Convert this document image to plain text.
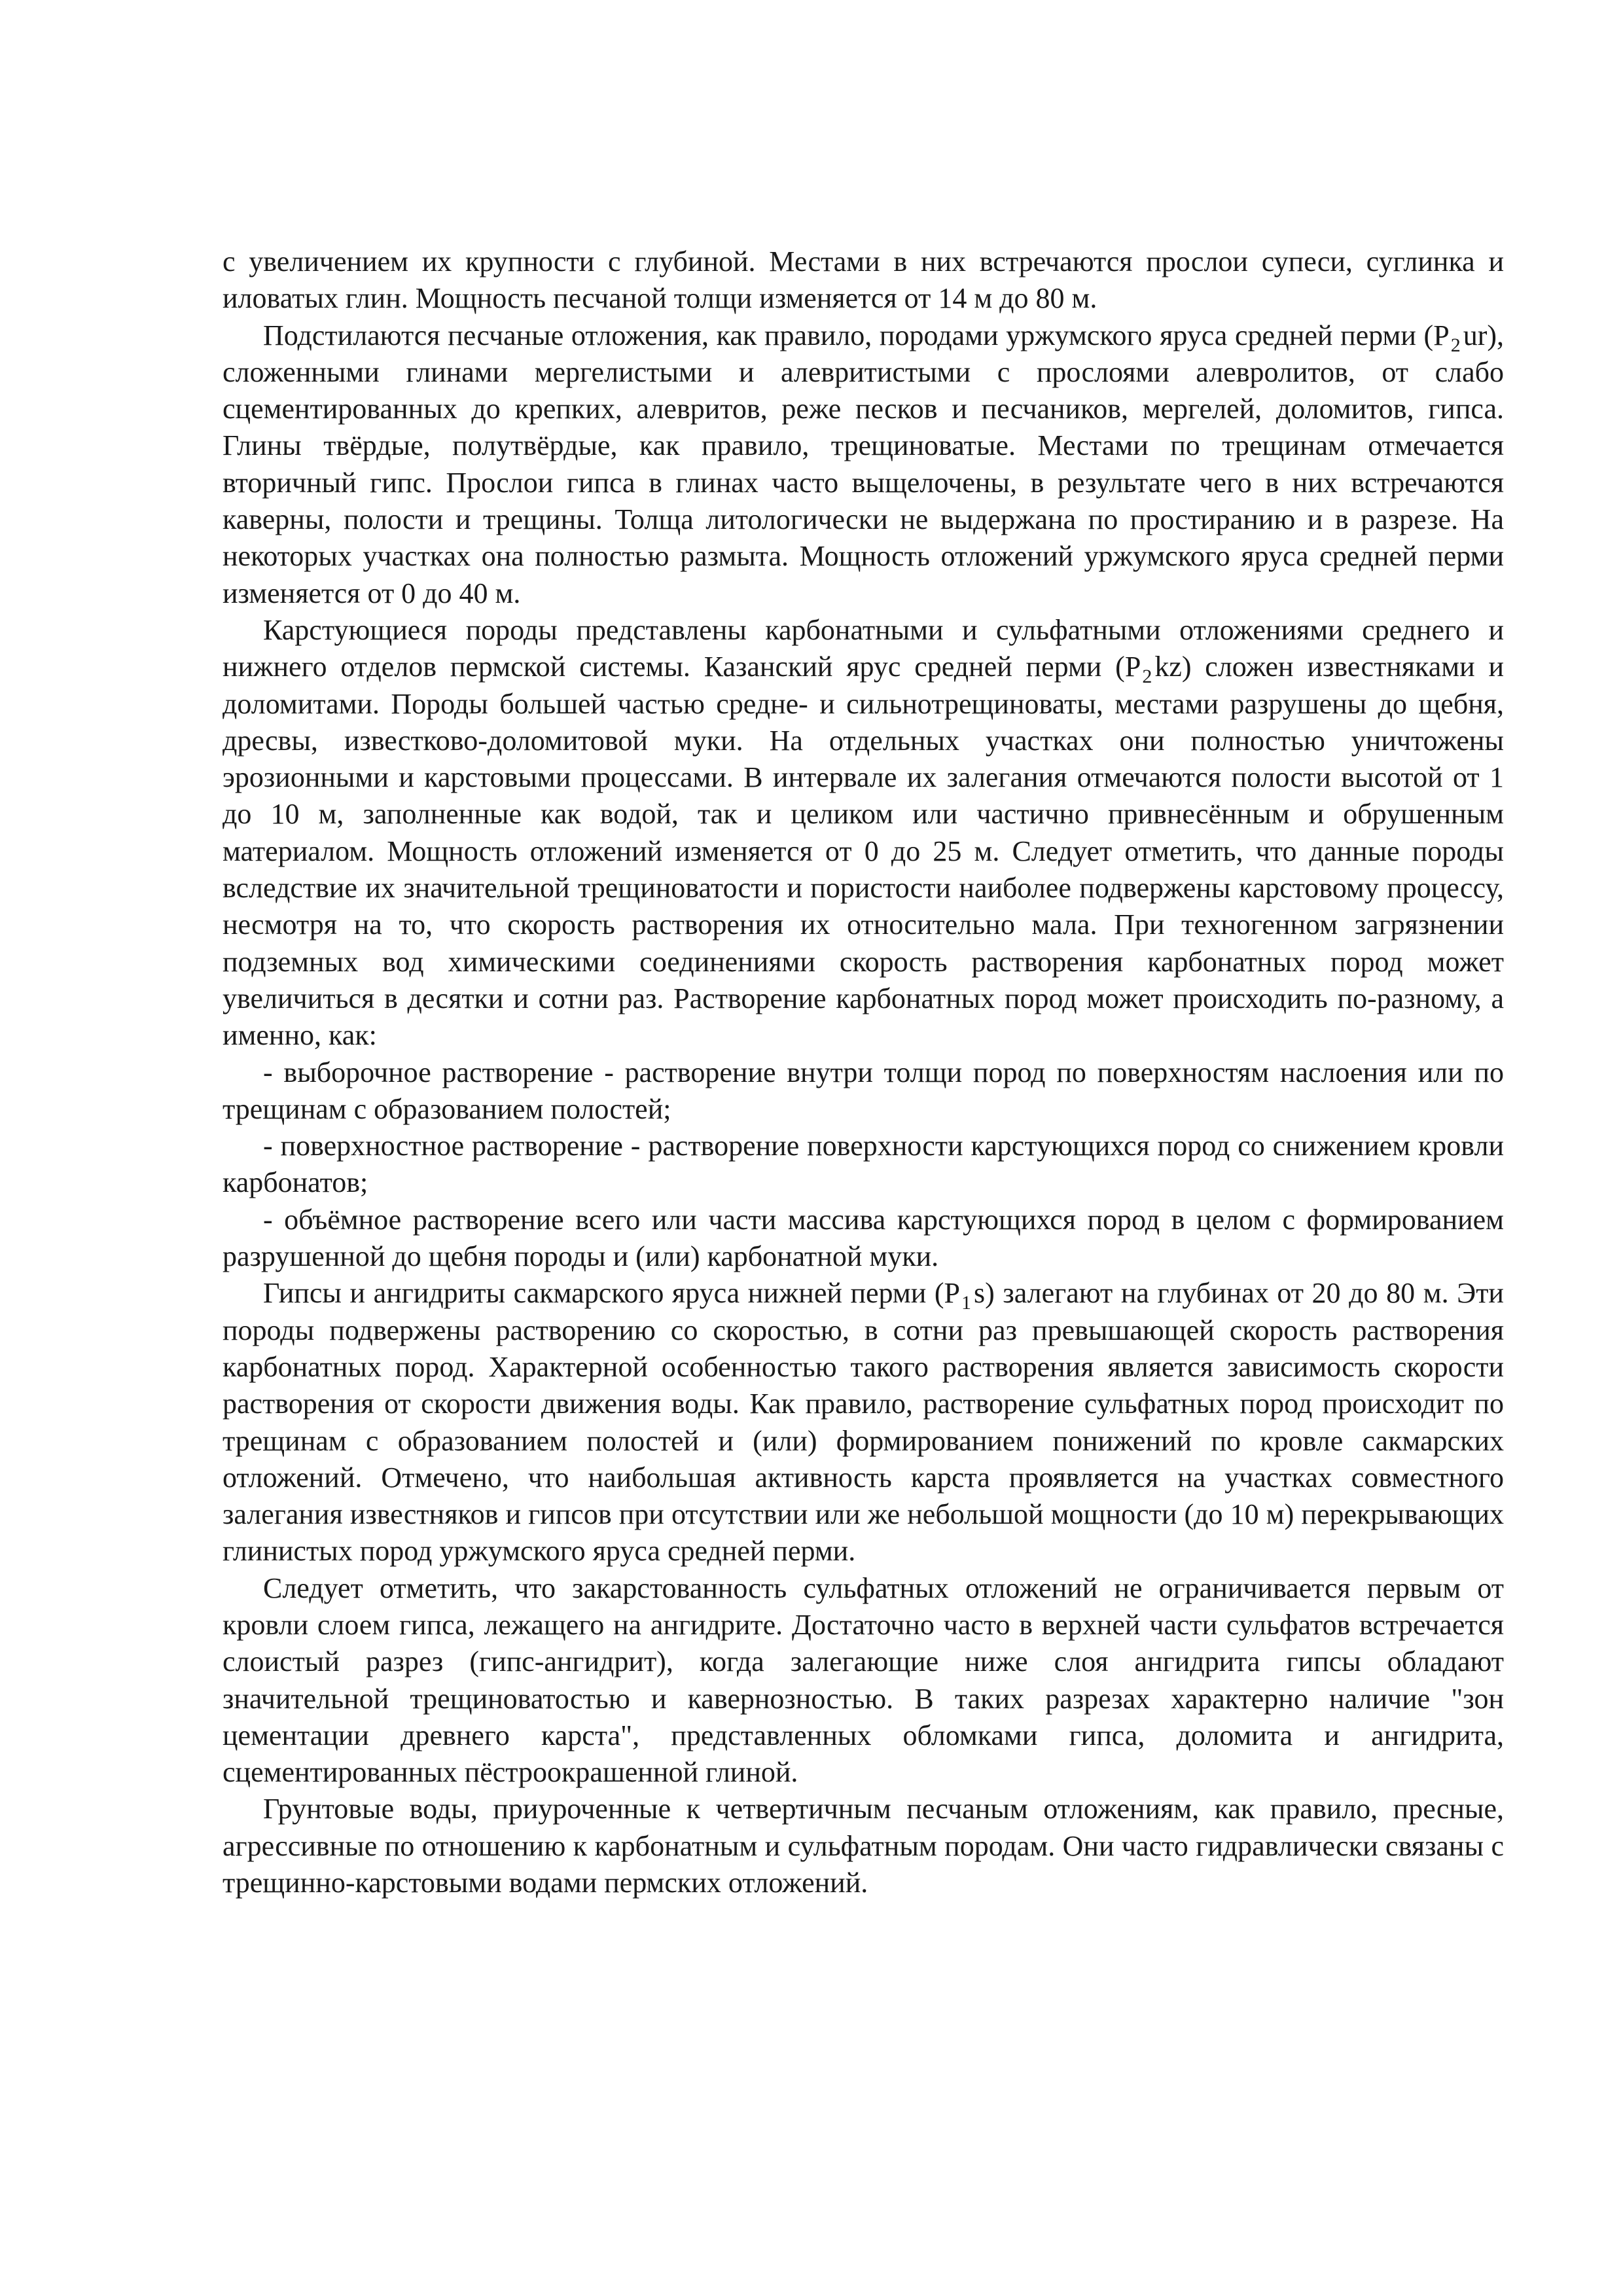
с увеличением их крупности с глубиной. Местами в них встречаются прослои супеси, суглинка и иловатых глин. Мощность песчаной толщи изменяется от 14 м до 80 м.

Подстилаются песчаные отложения, как правило, породами уржумского яруса средней перми $(P_2ur)$, сложенными глинами мергелистыми и алевритистыми с прослоями алевролитов, от слабо сцементированных до крепких, алевритов, реже песков и песчаников, мергелей, доломитов, гипса. Глины твёрдые, полутвёрдые, как правило, трещиноватые. Местами по трещинам отмечается вторичный гипс. Прослои гипса в глинах часто выщелочены, в результате чего в них встречаются каверны, полости и трещины. Толща литологически не выдержана по простиранию и в разрезе. На некоторых участках она полностью размыта. Мощность отложений уржумского яруса средней перми изменяется от 0 до 40 м.

Карстующиеся породы представлены карбонатными и сульфатными отложениями среднего и нижнего отделов пермской системы. Казанский ярус средней перми $(P_2kz)$ сложен известняками и доломитами. Породы большей частью средне- и сильнотрещиноваты, местами разрушены до щебня, дресвы, известково-доломитовой муки. На отдельных участках они полностью уничтожены эрозионными и карстовыми процессами. В интервале их залегания отмечаются полости высотой от 1 до 10 м, заполненные как водой, так и целиком или частично привнесённым и обрушенным материалом. Мощность отложений изменяется от 0 до 25 м. Следует отметить, что данные породы вследствие их значительной трещиноватости и пористости наиболее подвержены карстовому процессу, несмотря на то, что скорость растворения их относительно мала. При техногенном загрязнении подземных вод химическими соединениями скорость растворения карбонатных пород может увеличиться в десятки и сотни раз. Растворение карбонатных пород может происходить по-разному, а именно, как:

- выборочное растворение - растворение внутри толщи пород по поверхностям наслоения или по трещинам с образованием полостей;

- поверхностное растворение - растворение поверхности карстующихся пород со снижением кровли карбонатов;

- объёмное растворение всего или части массива карстующихся пород в целом с формированием разрушенной до щебня породы и (или) карбонатной муки.

Гипсы и ангидриты сакмарского яруса нижней перми $(P_1s)$ залегают на глубинах от 20 до 80 м. Эти породы подвержены растворению со скоростью, в сотни раз превышающей скорость растворения карбонатных пород. Характерной особенностью такого растворения является зависимость скорости растворения от скорости движения воды. Как правило, растворение сульфатных пород происходит по трещинам с образованием полостей и (или) формированием понижений по кровле сакмарских отложений. Отмечено, что наибольшая активность карста проявляется на участках совместного залегания известняков и гипсов при отсутствии или же небольшой мощности (до 10 м) перекрывающих глинистых пород уржумского яруса средней перми.

Следует отметить, что закарстованность сульфатных отложений не ограничивается первым от кровли слоем гипса, лежащего на ангидрите. Достаточно часто в верхней части сульфатов встречается слоистый разрез (гипс-ангидрит), когда залегающие ниже слоя ангидрита гипсы обладают значительной трещиноватостью и кавернозностью. В таких разрезах характерно наличие "зон цементации древнего карста", представленных обломками гипса, доломита и ангидрита, сцементированных пёстроокрашенной глиной.

Грунтовые воды, приуроченные к четвертичным песчаным отложениям, как правило, пресные, агрессивные по отношению к карбонатным и сульфатным породам. Они часто гидравлически связаны с трещинно-карстовыми водами пермских отложений.
